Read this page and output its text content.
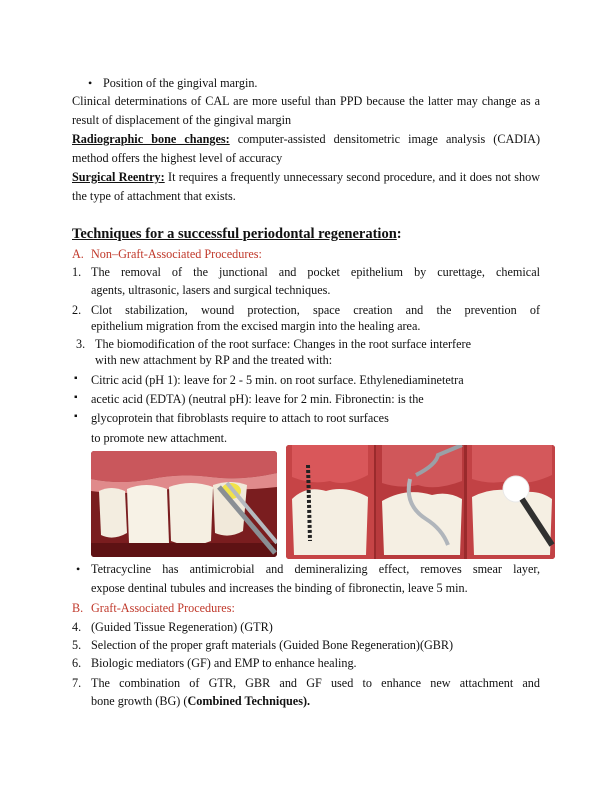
• Position of the gingival margin.
Clinical determinations of CAL are more useful than PPD because the latter may change as a result of displacement of the gingival margin
Radiographic bone changes: computer-assisted densitometric image analysis (CADIA) method offers the highest level of accuracy
Surgical Reentry: It requires a frequently unnecessary second procedure, and it does not show the type of attachment that exists.
Techniques for a successful periodontal regeneration:
A. Non–Graft-Associated Procedures:
1. The removal of the junctional and pocket epithelium by curettage, chemical
agents, ultrasonic, lasers and surgical techniques.
2. Clot stabilization, wound protection, space creation and the prevention of
epithelium migration from the excised margin into the healing area.
3. The biomodification of the root surface: Changes in the root surface interfere
with new attachment by RP and the treated with:
▪ Citric acid (pH 1): leave for 2 - 5 min. on root surface. Ethylenediaminetetra
▪ acetic acid (EDTA) (neutral pH): leave for 2 min. Fibronectin: is the
▪ glycoprotein that fibroblasts require to attach to root surfaces
to promote new attachment.
• Tetracycline has antimicrobial and demineralizing effect, removes smear layer,
expose dentinal tubules and increases the binding of fibronectin, leave 5 min.
B. Graft-Associated Procedures:
4. (Guided Tissue Regeneration) (GTR)
5. Selection of the proper graft materials (Guided Bone Regeneration)(GBR)
6. Biologic mediators (GF) and EMP to enhance healing.
7. The combination of GTR, GBR and GF used to enhance new attachment and
bone growth (BG) (Combined Techniques).
